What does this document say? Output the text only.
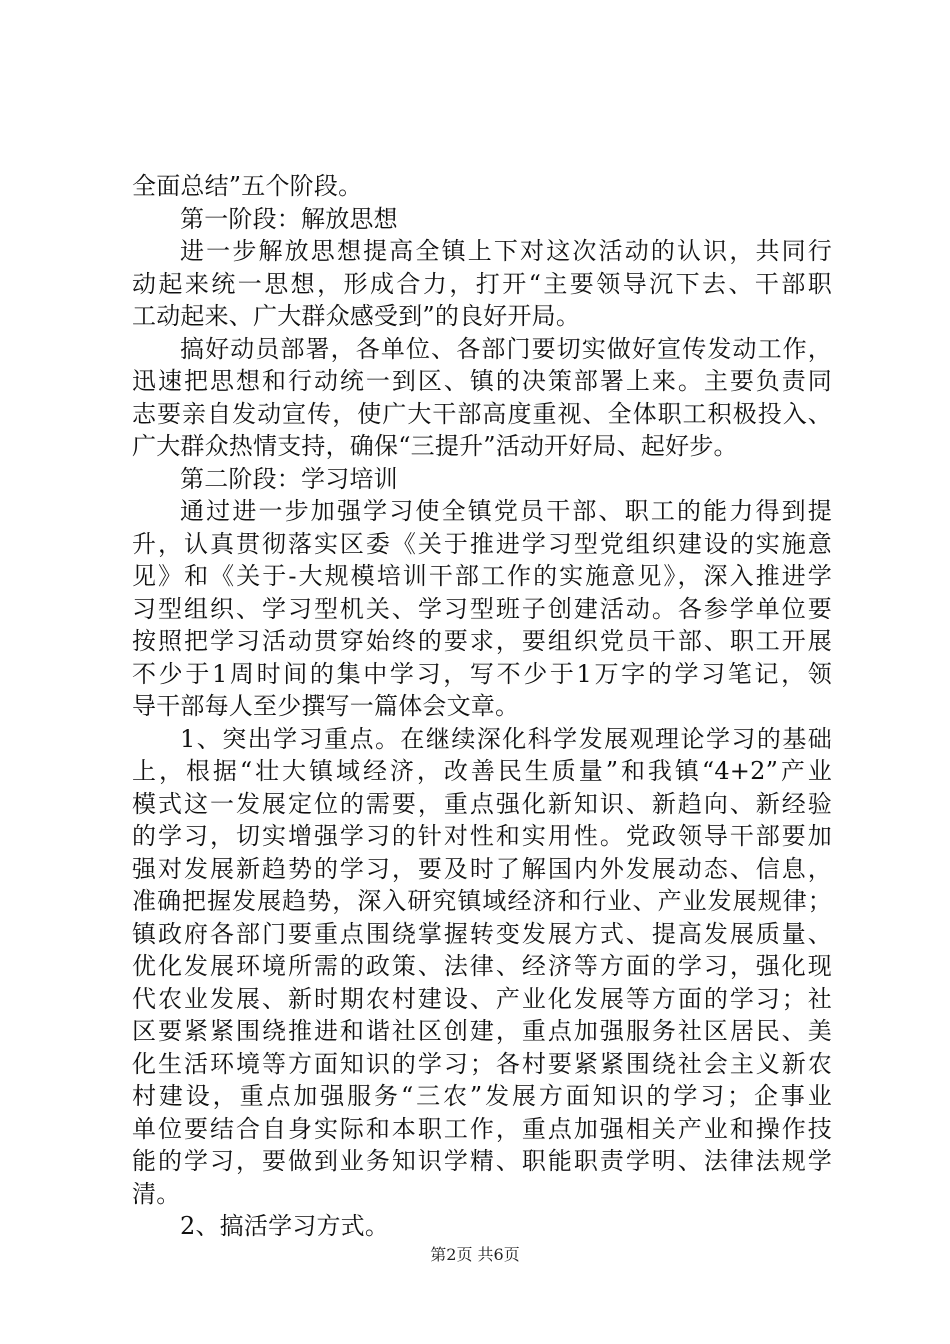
全面总结”五个阶段。
第一阶段：解放思想
进一步解放思想提高全镇上下对这次活动的认识，共同行
动起来统一思想，形成合力，打开“主要领导沉下去、干部职
工动起来、广大群众感受到”的良好开局。
搞好动员部署，各单位、各部门要切实做好宣传发动工作，
迅速把思想和行动统一到区、镇的决策部署上来。主要负责同
志要亲自发动宣传，使广大干部高度重视、全体职工积极投入、
广大群众热情支持，确保“三提升”活动开好局、起好步。
第二阶段：学习培训
通过进一步加强学习使全镇党员干部、职工的能力得到提
升，认真贯彻落实区委《关于推进学习型党组织建设的实施意
见》和《关于-大规模培训干部工作的实施意见》，深入推进学
习型组织、学习型机关、学习型班子创建活动。各参学单位要
按照把学习活动贯穿始终的要求，要组织党员干部、职工开展
不少于1周时间的集中学习，写不少于1万字的学习笔记，领
导干部每人至少撰写一篇体会文章。
1、突出学习重点。在继续深化科学发展观理论学习的基础
上，根据“壮大镇域经济，改善民生质量”和我镇“4+2”产业
模式这一发展定位的需要，重点强化新知识、新趋向、新经验
的学习，切实增强学习的针对性和实用性。党政领导干部要加
强对发展新趋势的学习，要及时了解国内外发展动态、信息，
准确把握发展趋势，深入研究镇域经济和行业、产业发展规律；
镇政府各部门要重点围绕掌握转变发展方式、提高发展质量、
优化发展环境所需的政策、法律、经济等方面的学习，强化现
代农业发展、新时期农村建设、产业化发展等方面的学习；社
区要紧紧围绕推进和谐社区创建，重点加强服务社区居民、美
化生活环境等方面知识的学习；各村要紧紧围绕社会主义新农
村建设，重点加强服务“三农”发展方面知识的学习；企事业
单位要结合自身实际和本职工作，重点加强相关产业和操作技
能的学习，要做到业务知识学精、职能职责学明、法律法规学
清。
2、搞活学习方式。
第2页 共6页
